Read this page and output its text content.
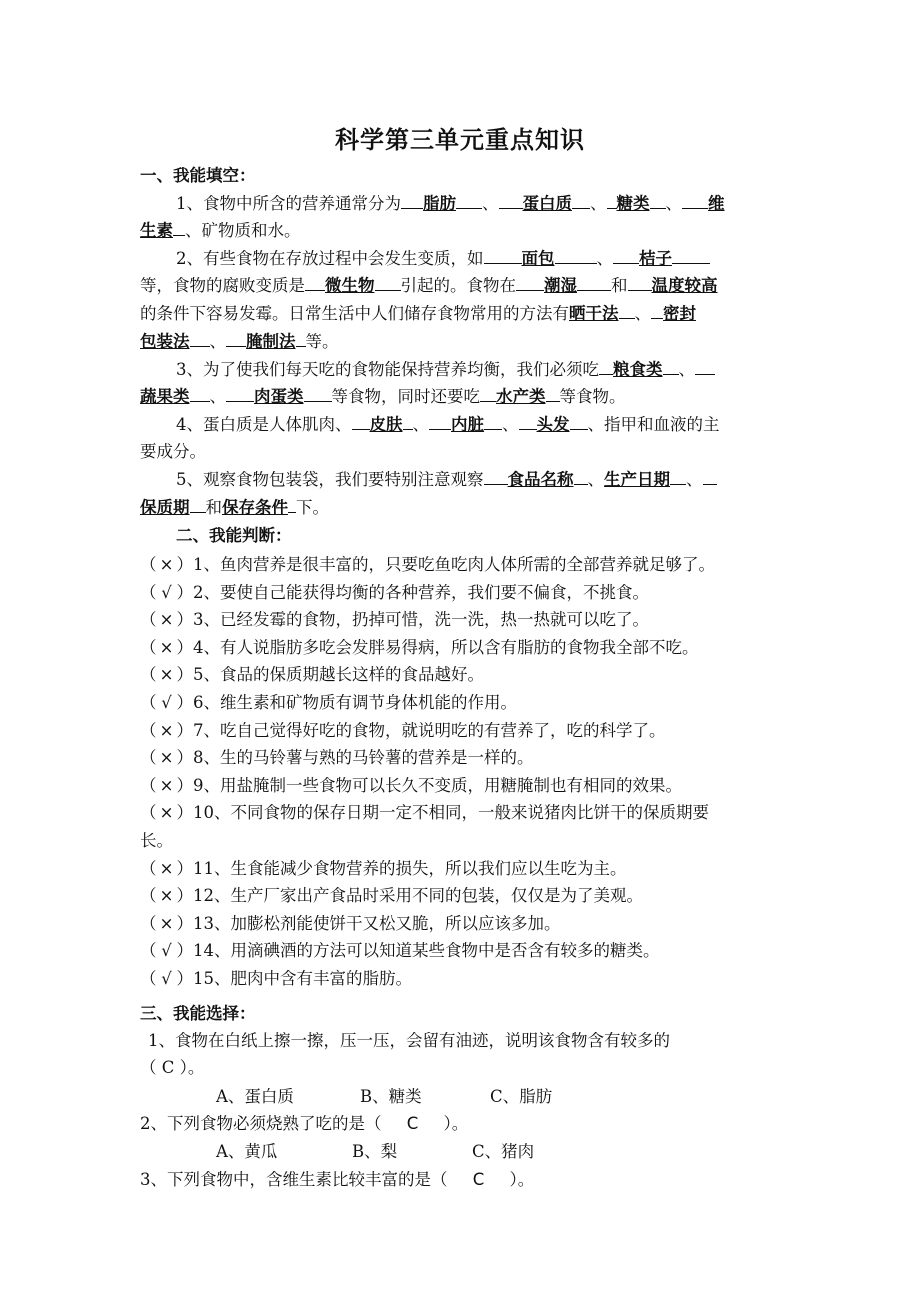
科学第三单元重点知识
一、我能填空：
1、食物中所含的营养通常分为 脂肪 、 蛋白质 、 糖类 、 维
生素 、矿物质和水。
2、有些食物在存放过程中会发生变质，如 面包	、 桔子
等，食物的腐败变质是 微生物 引起的。食物在 潮湿 和 温度较高
的条件下容易发霉。日常生活中人们储存食物常用的方法有晒干法 、 密封
包装法 、 腌制法 等。
3、为了使我们每天吃的食物能保持营养均衡，我们必须吃 粮食类 、
蔬果类 、 肉蛋类 等食物，同时还要吃 水产类 等食物。
4、蛋白质是人体肌肉、 皮肤 、 内脏 、 头发 、指甲和血液的主
要成分。
5、观察食物包装袋，我们要特别注意观察 食品名称 、生产日期 、
保质期 和保存条件 下。
二、我能判断：
（ × ）1、鱼肉营养是很丰富的，只要吃鱼吃肉人体所需的全部营养就足够了。
（ √ ）2、要使自己能获得均衡的各种营养，我们要不偏食，不挑食。
（ × ）3、已经发霉的食物，扔掉可惜，洗一洗，热一热就可以吃了。
（ × ）4、有人说脂肪多吃会发胖易得病，所以含有脂肪的食物我全部不吃。
（ × ）5、食品的保质期越长这样的食品越好。
（ √ ）6、维生素和矿物质有调节身体机能的作用。
（ × ）7、吃自己觉得好吃的食物，就说明吃的有营养了，吃的科学了。
（ × ）8、生的马铃薯与熟的马铃薯的营养是一样的。
（ × ）9、用盐腌制一些食物可以长久不变质，用糖腌制也有相同的效果。
（ × ）10、不同食物的保存日期一定不相同，一般来说猪肉比饼干的保质期要
长。
（ × ）11、生食能减少食物营养的损失，所以我们应以生吃为主。
（ × ）12、生产厂家出产食品时采用不同的包装，仅仅是为了美观。
（ × ）13、加膨松剂能使饼干又松又脆，所以应该多加。
（ √ ）14、用滴碘酒的方法可以知道某些食物中是否含有较多的糖类。
（ √ ）15、肥肉中含有丰富的脂肪。
三、我能选择：
1、食物在白纸上擦一擦，压一压，会留有油迹，说明该食物含有较多的
（ C ）。
A、蛋白质	B、糖类	C、脂肪
2、下列食物必须烧熟了吃的是（ C ）。
A、黄瓜	B、梨	C、猪肉
3、下列食物中，含维生素比较丰富的是（ C ）。
